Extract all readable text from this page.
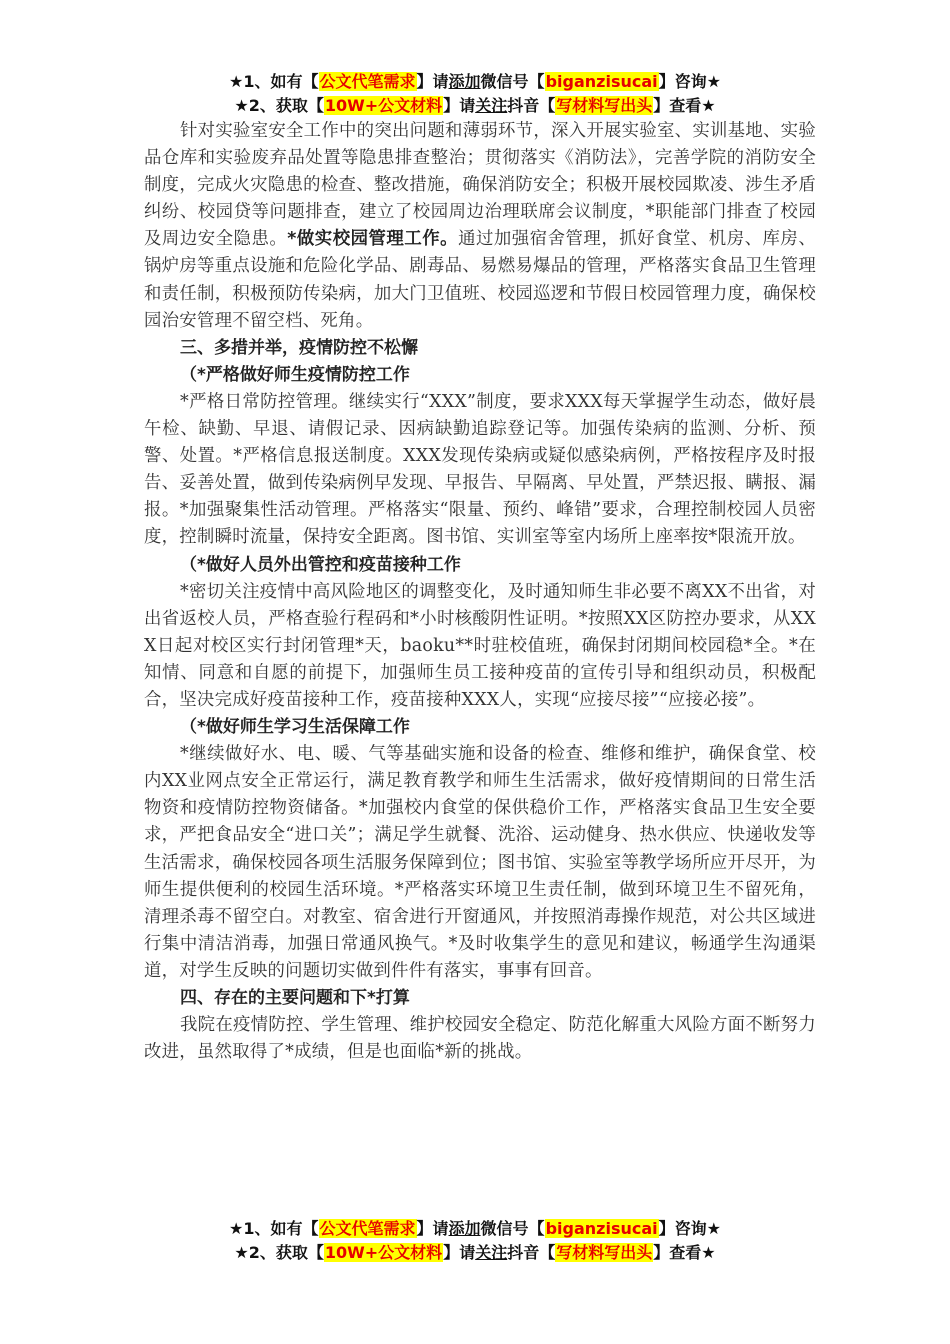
★1、如有【公文代笔需求】请添加微信号【biganzisucai】咨询★
★2、获取【10W+公文材料】请关注抖音【写材料写出头】查看★

针对实验室安全工作中的突出问题和薄弱环节，深入开展实验室、实训基地、实验品仓库和实验废弃品处置等隐患排查整治；贯彻落实《消防法》，完善学院的消防安全制度，完成火灾隐患的检查、整改措施，确保消防安全；积极开展校园欺凌、涉生矛盾纠纷、校园贷等问题排查，建立了校园周边治理联席会议制度，*职能部门排查了校园及周边安全隐患。*做实校园管理工作。通过加强宿舍管理，抓好食堂、机房、库房、锅炉房等重点设施和危险化学品、剧毒品、易燃易爆品的管理，严格落实食品卫生管理和责任制，积极预防传染病，加大门卫值班、校园巡逻和节假日校园管理力度，确保校园治安管理不留空档、死角。

三、多措并举，疫情防控不松懈

（*严格做好师生疫情防控工作

*严格日常防控管理。继续实行“XXX”制度，要求XXX每天掌握学生动态，做好晨午检、缺勤、早退、请假记录、因病缺勤追踪登记等。加强传染病的监测、分析、预警、处置。*严格信息报送制度。XXX发现传染病或疑似感染病例，严格按程序及时报告、妥善处置，做到传染病例早发现、早报告、早隔离、早处置，严禁迟报、瞒报、漏报。*加强聚集性活动管理。严格落实“限量、预约、峰错”要求，合理控制校园人员密度，控制瞬时流量，保持安全距离。图书馆、实训室等室内场所上座率按*限流开放。

（*做好人员外出管控和疫苗接种工作

*密切关注疫情中高风险地区的调整变化，及时通知师生非必要不离XX不出省，对出省返校人员，严格查验行程码和*小时核酸阴性证明。*按照XX区防控办要求，从XXX日起对校区实行封闭管理*天，baoku**时驻校值班，确保封闭期间校园稳*全。*在知情、同意和自愿的前提下，加强师生员工接种疫苗的宣传引导和组织动员，积极配合，坚决完成好疫苗接种工作，疫苗接种XXX人，实现“应接尽接”“应接必接”。

（*做好师生学习生活保障工作

*继续做好水、电、暖、气等基础实施和设备的检查、维修和维护，确保食堂、校内XX业网点安全正常运行，满足教育教学和师生生活需求，做好疫情期间的日常生活物资和疫情防控物资储备。*加强校内食堂的保供稳价工作，严格落实食品卫生安全要求，严把食品安全“进口关”；满足学生就餐、洗浴、运动健身、热水供应、快递收发等生活需求，确保校园各项生活服务保障到位；图书馆、实验室等教学场所应开尽开，为师生提供便利的校园生活环境。*严格落实环境卫生责任制，做到环境卫生不留死角，清理杀毒不留空白。对教室、宿舍进行开窗通风，并按照消毒操作规范，对公共区域进行集中清洁消毒，加强日常通风换气。*及时收集学生的意见和建议，畅通学生沟通渠道，对学生反映的问题切实做到件件有落实，事事有回音。

四、存在的主要问题和下*打算

我院在疫情防控、学生管理、维护校园安全稳定、防范化解重大风险方面不断努力改进，虽然取得了*成绩，但是也面临*新的挑战。

★1、如有【公文代笔需求】请添加微信号【biganzisucai】咨询★
★2、获取【10W+公文材料】请关注抖音【写材料写出头】查看★
